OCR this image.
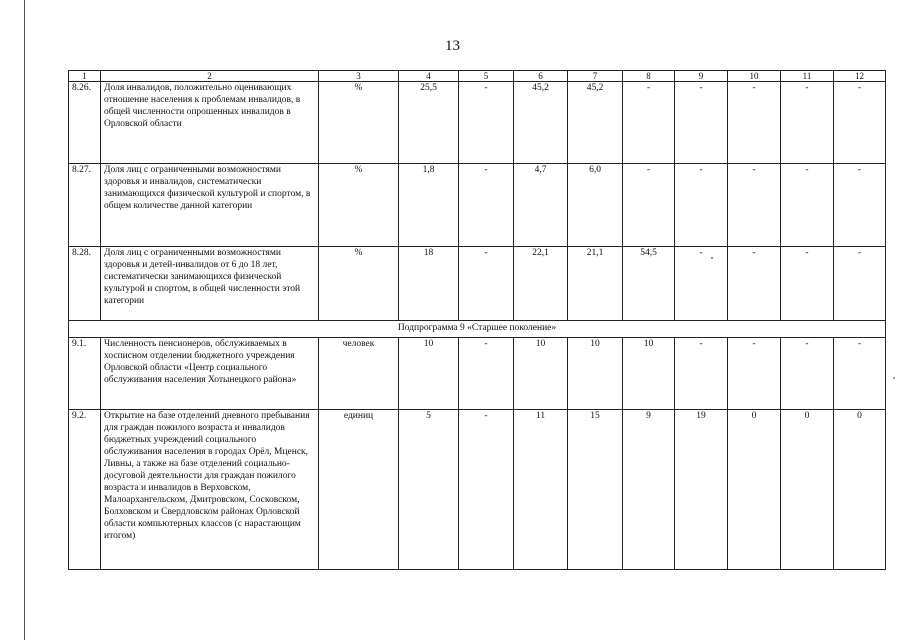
13
1	2	3	4	5	6	7	8	9	10	11	12
8.26.	Доля инвалидов, положительно оценивающих отношение населения к проблемам инвалидов, в общей численности опрошенных инвалидов в Орловской области	%	25,5	-	45,2	45,2	-	-	-	-	-
8.27.	Доля лиц с ограниченными возможностями здоровья и инвалидов, систематически занимающихся физической культурой и спортом, в общем количестве данной категории	%	1,8	-	4,7	6,0	-	-	-	-	-
8.28.	Доля лиц с ограниченными возможностями здоровья и детей-инвалидов от 6 до 18 лет, систематически занимающихся физической культурой и спортом, в общей численности этой категории	%	18	-	22,1	21,1	54,5	-	-	-	-
Подпрограмма 9 «Старшее поколение»											
9.1.	Численность пенсионеров, обслуживаемых в хосписном отделении бюджетного учреждения Орловской области «Центр социального обслуживания населения Хотынецкого района»	человек	10	-	10	10	10	-	-	-	-
9.2.	Открытие на базе отделений дневного пребывания для граждан пожилого возраста и инвалидов бюджетных учреждений социального обслуживания населения в городах Орёл, Мценск, Ливны, а также на базе отделений социально-досуговой деятельности для граждан пожилого возраста и инвалидов в Верховском, Малоархангельском, Дмитровском, Сосковском, Болховском и Свердловском районах Орловской области компьютерных классов (с нарастающим итогом)	единиц	5	-	11	15	9	19	0	0	0
